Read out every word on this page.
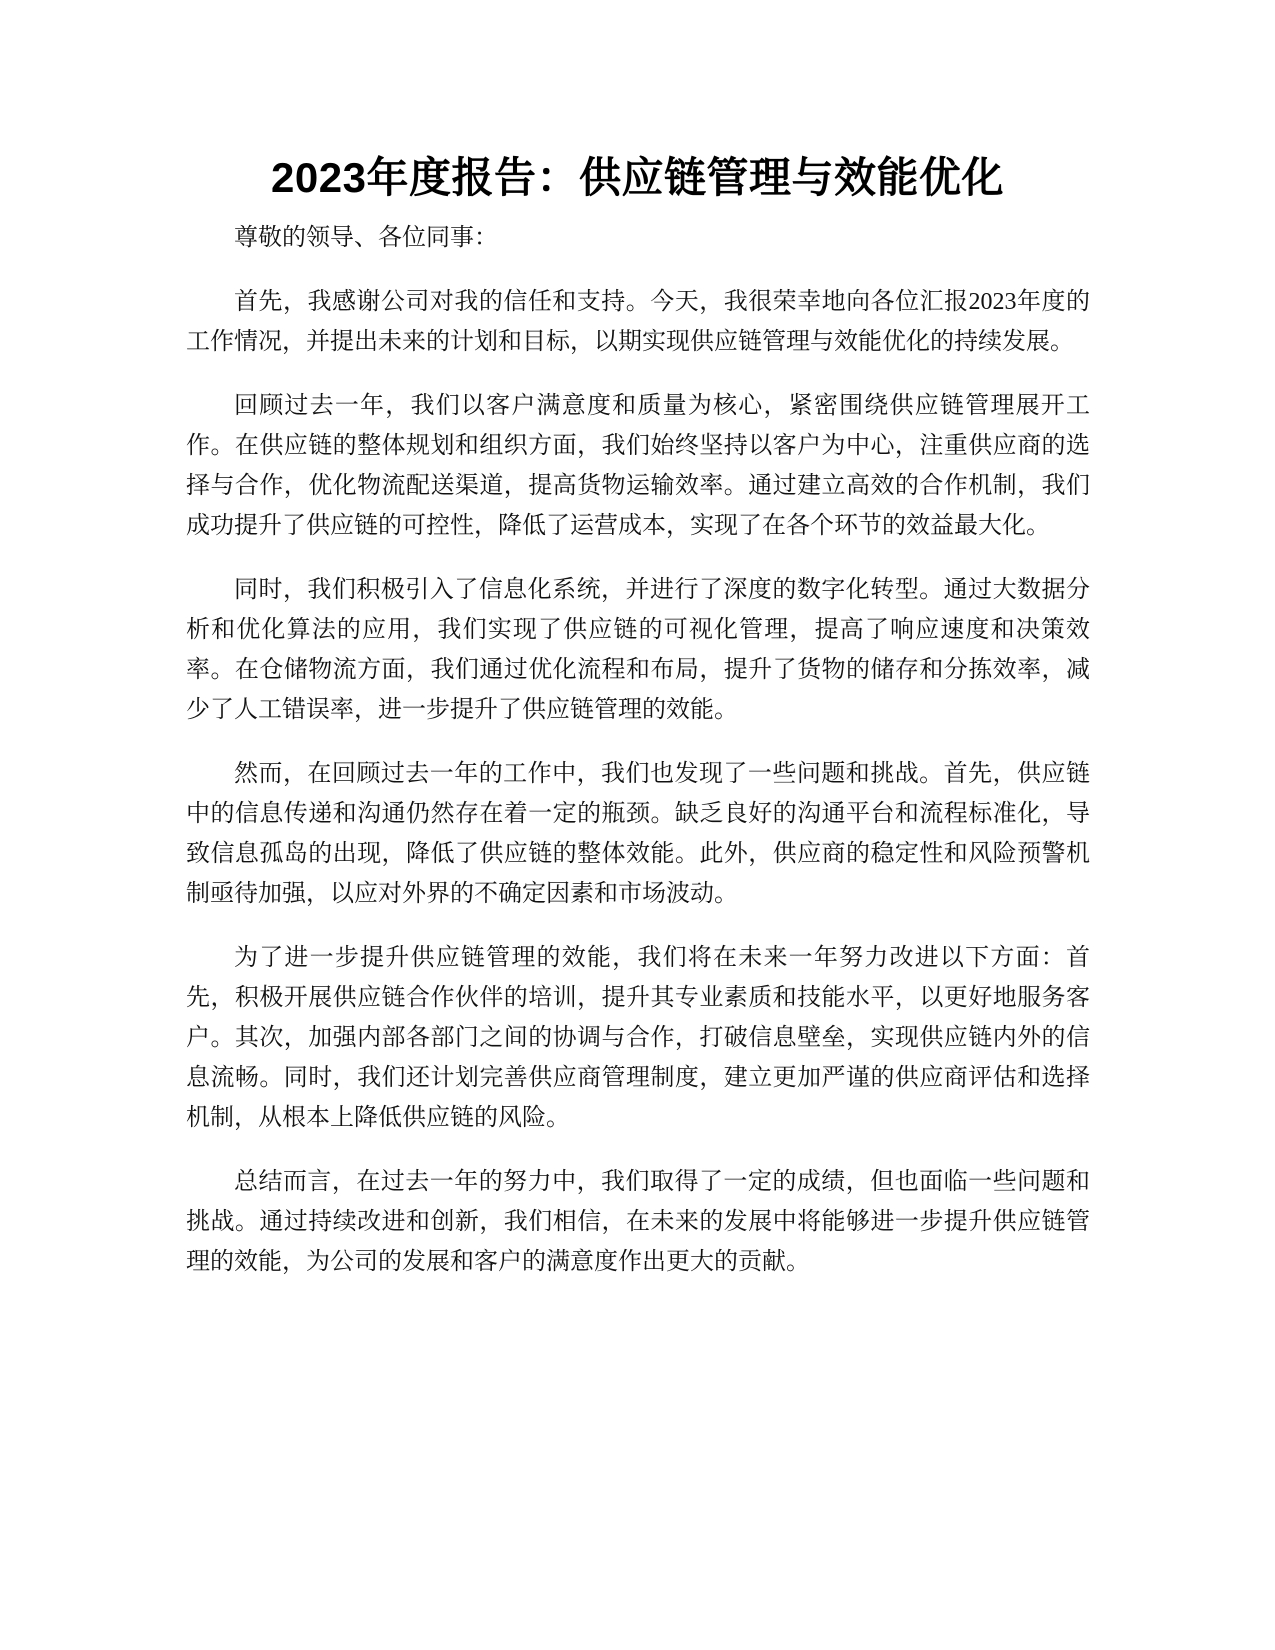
2023年度报告：供应链管理与效能优化

尊敬的领导、各位同事：

首先，我感谢公司对我的信任和支持。今天，我很荣幸地向各位汇报2023年度的工作情况，并提出未来的计划和目标，以期实现供应链管理与效能优化的持续发展。

回顾过去一年，我们以客户满意度和质量为核心，紧密围绕供应链管理展开工作。在供应链的整体规划和组织方面，我们始终坚持以客户为中心，注重供应商的选择与合作，优化物流配送渠道，提高货物运输效率。通过建立高效的合作机制，我们成功提升了供应链的可控性，降低了运营成本，实现了在各个环节的效益最大化。

同时，我们积极引入了信息化系统，并进行了深度的数字化转型。通过大数据分析和优化算法的应用，我们实现了供应链的可视化管理，提高了响应速度和决策效率。在仓储物流方面，我们通过优化流程和布局，提升了货物的储存和分拣效率，减少了人工错误率，进一步提升了供应链管理的效能。

然而，在回顾过去一年的工作中，我们也发现了一些问题和挑战。首先，供应链中的信息传递和沟通仍然存在着一定的瓶颈。缺乏良好的沟通平台和流程标准化，导致信息孤岛的出现，降低了供应链的整体效能。此外，供应商的稳定性和风险预警机制亟待加强，以应对外界的不确定因素和市场波动。

为了进一步提升供应链管理的效能，我们将在未来一年努力改进以下方面：首先，积极开展供应链合作伙伴的培训，提升其专业素质和技能水平，以更好地服务客户。其次，加强内部各部门之间的协调与合作，打破信息壁垒，实现供应链内外的信息流畅。同时，我们还计划完善供应商管理制度，建立更加严谨的供应商评估和选择机制，从根本上降低供应链的风险。

总结而言，在过去一年的努力中，我们取得了一定的成绩，但也面临一些问题和挑战。通过持续改进和创新，我们相信，在未来的发展中将能够进一步提升供应链管理的效能，为公司的发展和客户的满意度作出更大的贡献。
